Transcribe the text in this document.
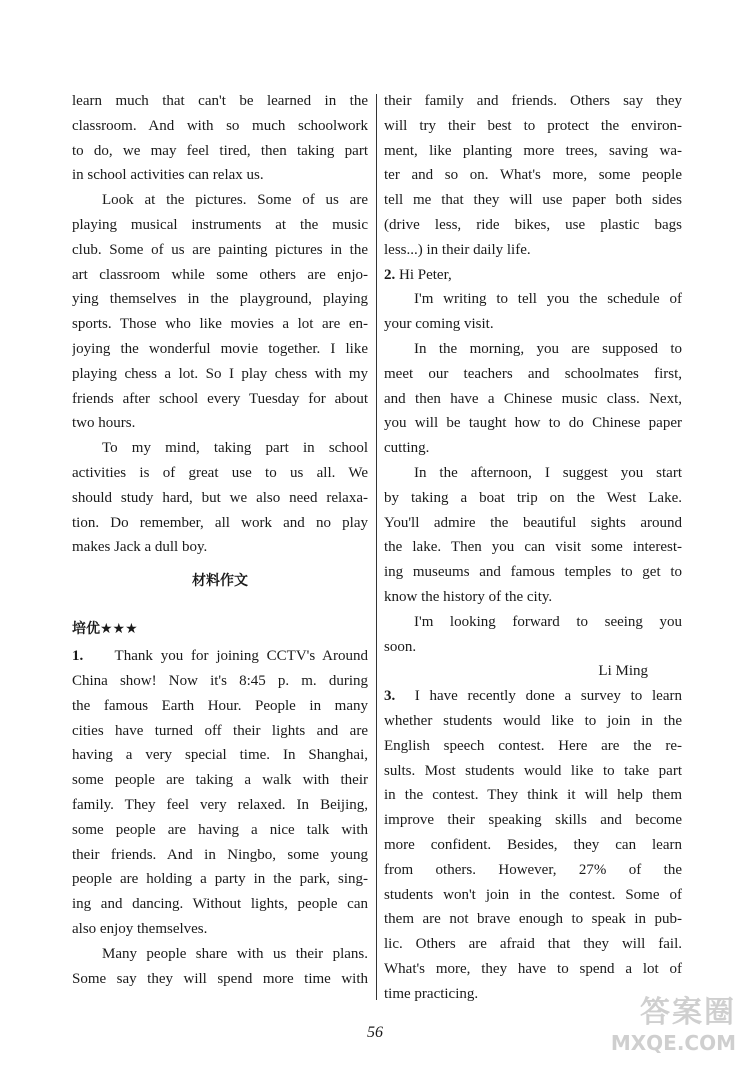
learn much that can't be learned in the
classroom. And with so much schoolwork
to do, we may feel tired, then taking part
in school activities can relax us.
Look at the pictures. Some of us are
playing musical instruments at the music
club. Some of us are painting pictures in the
art classroom while some others are enjo-
ying themselves in the playground, playing
sports. Those who like movies a lot are en-
joying the wonderful movie together. I like
playing chess a lot. So I play chess with my
friends after school every Tuesday for about
two hours.
To my mind, taking part in school
activities is of great use to us all. We
should study hard, but we also need relaxa-
tion. Do remember, all work and no play
makes Jack a dull boy.
材料作文
培优★★★
1. Thank you for joining CCTV's Around
China show! Now it's 8:45 p. m. during
the famous Earth Hour. People in many
cities have turned off their lights and are
having a very special time. In Shanghai,
some people are taking a walk with their
family. They feel very relaxed. In Beijing,
some people are having a nice talk with
their friends. And in Ningbo, some young
people are holding a party in the park, sing-
ing and dancing. Without lights, people can
also enjoy themselves.
Many people share with us their plans.
Some say they will spend more time with
their family and friends. Others say they
will try their best to protect the environ-
ment, like planting more trees, saving wa-
ter and so on. What's more, some people
tell me that they will use paper both sides
(drive less, ride bikes, use plastic bags
less...) in their daily life.
2. Hi Peter,
I'm writing to tell you the schedule of
your coming visit.
In the morning, you are supposed to
meet our teachers and schoolmates first,
and then have a Chinese music class. Next,
you will be taught how to do Chinese paper
cutting.
In the afternoon, I suggest you start
by taking a boat trip on the West Lake.
You'll admire the beautiful sights around
the lake. Then you can visit some interest-
ing museums and famous temples to get to
know the history of the city.
I'm looking forward to seeing you
soon.
Li Ming
3. I have recently done a survey to learn
whether students would like to join in the
English speech contest. Here are the re-
sults. Most students would like to take part
in the contest. They think it will help them
improve their speaking skills and become
more confident. Besides, they can learn
from others. However, 27% of the
students won't join in the contest. Some of
them are not brave enough to speak in pub-
lic. Others are afraid that they will fail.
What's more, they have to spend a lot of
time practicing.
56
答案圈
MXQE.COM
